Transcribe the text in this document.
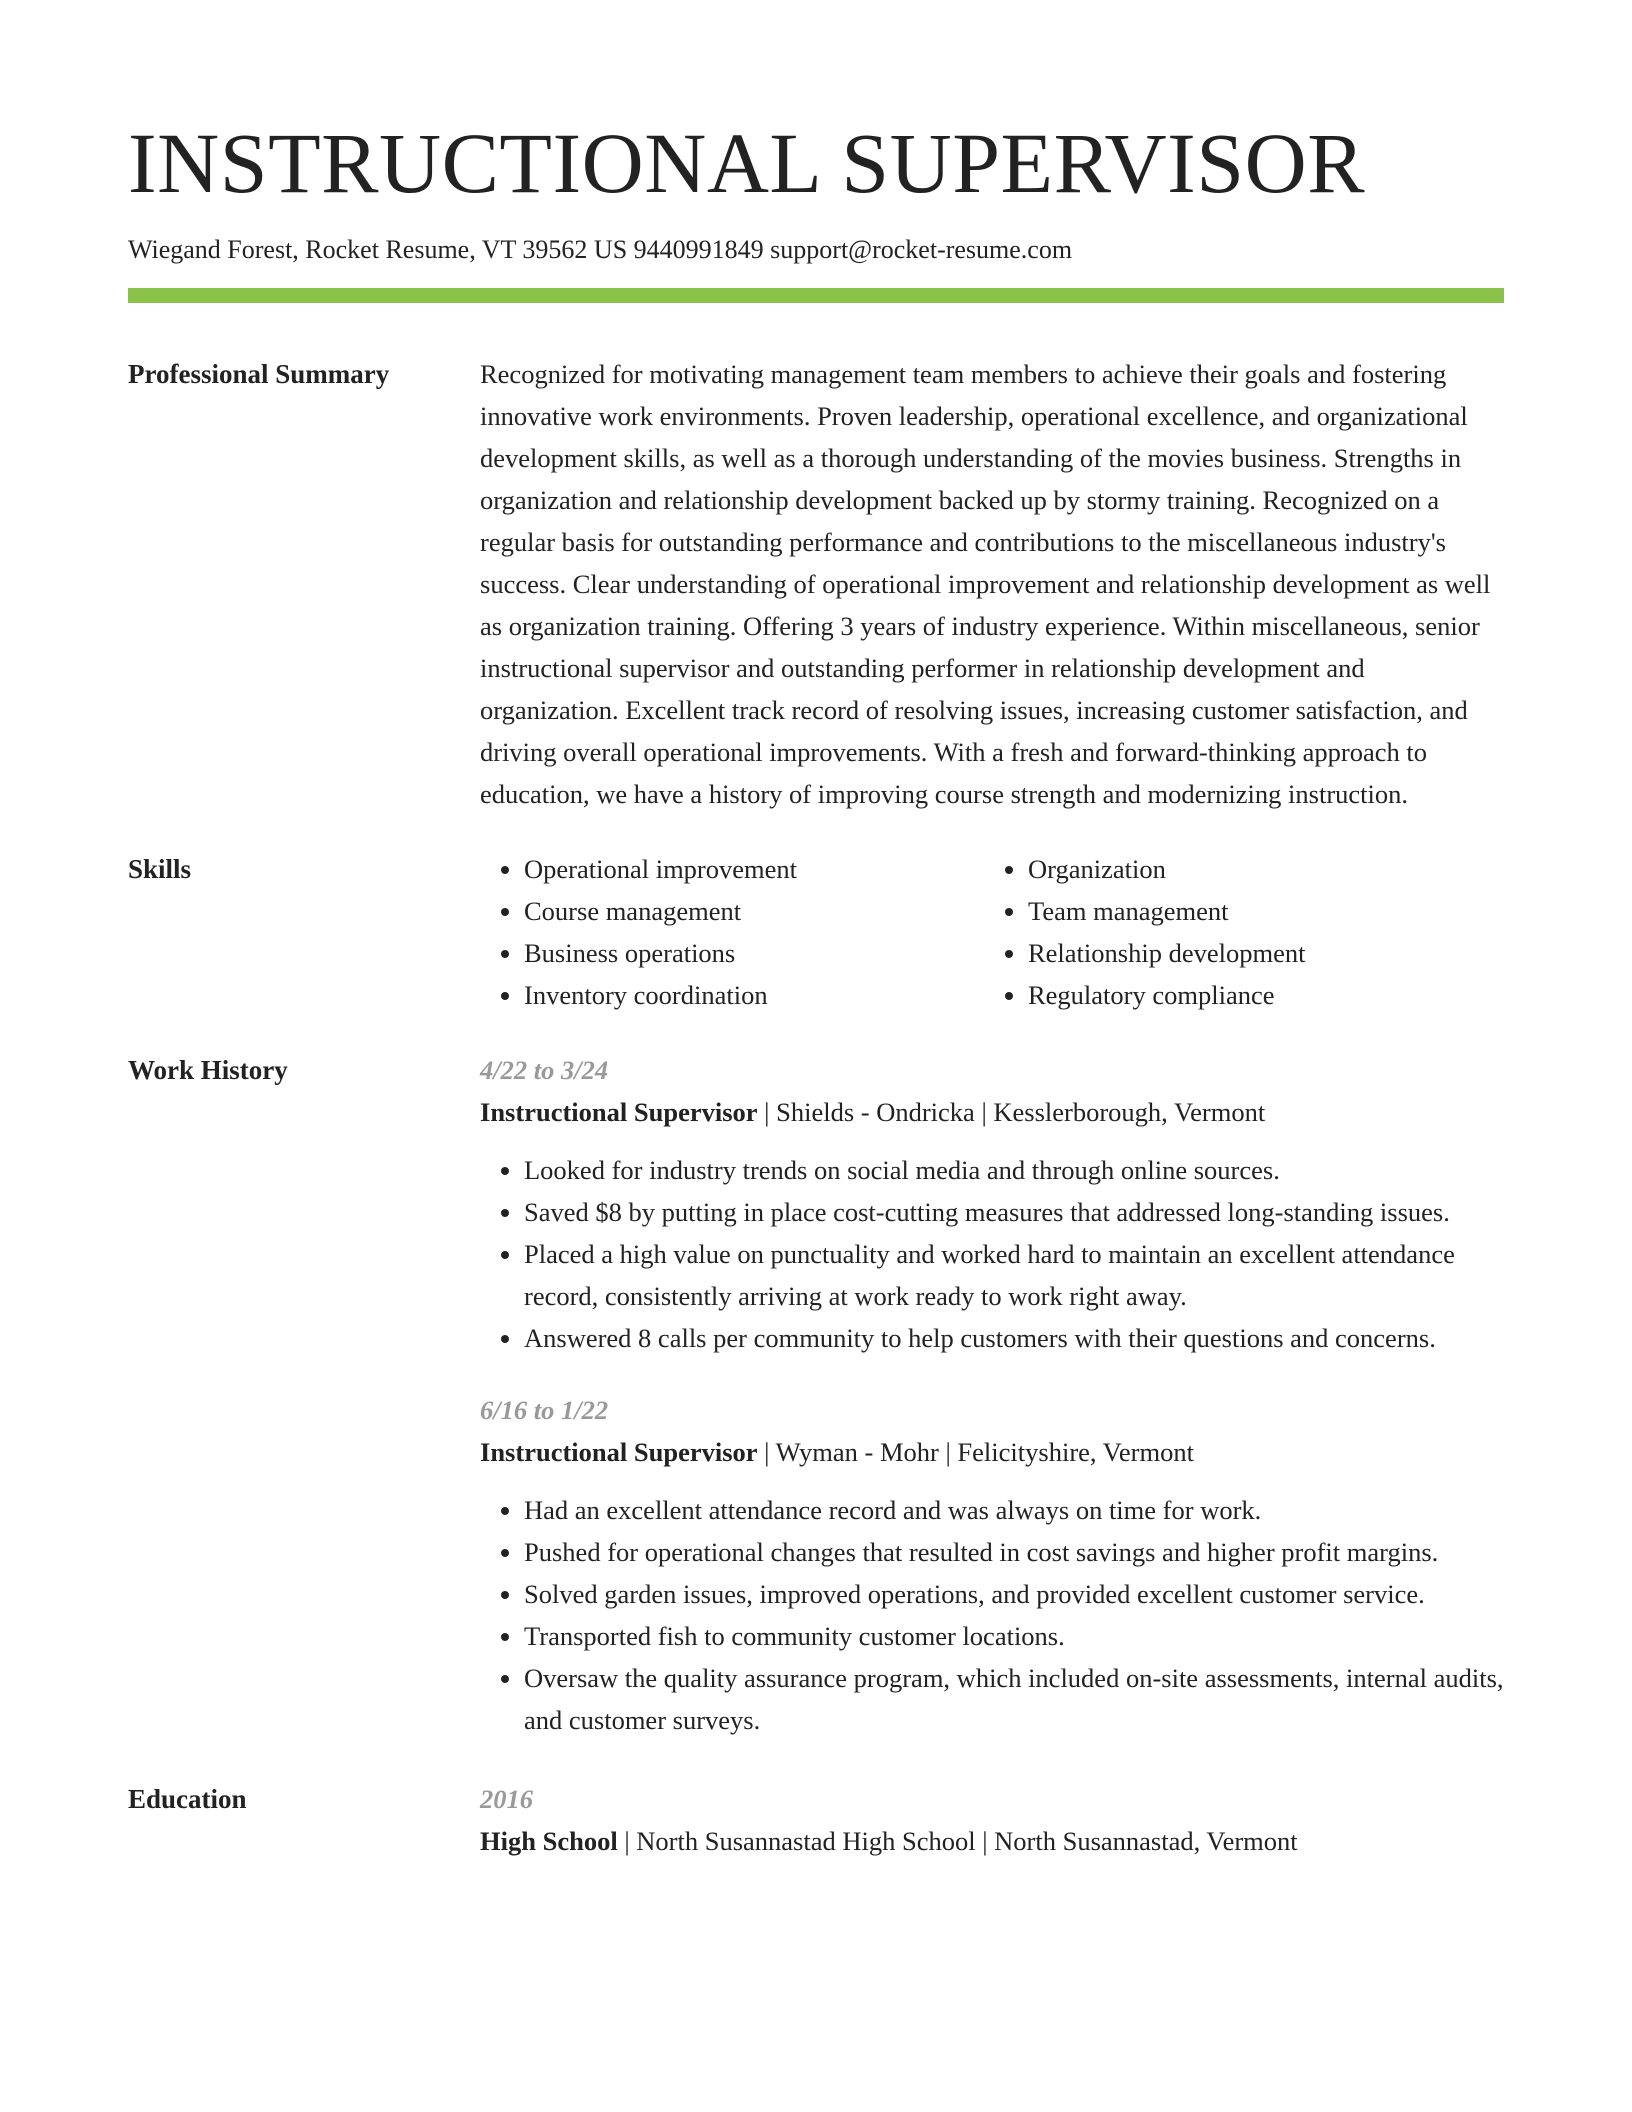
INSTRUCTIONAL SUPERVISOR
Wiegand Forest, Rocket Resume, VT 39562 US 9440991849 support@rocket-resume.com
Professional Summary	Recognized for motivating management team members to achieve their goals and fostering innovative work environments. Proven leadership, operational excellence, and organizational development skills, as well as a thorough understanding of the movies business. Strengths in organization and relationship development backed up by stormy training. Recognized on a regular basis for outstanding performance and contributions to the miscellaneous industry's success. Clear understanding of operational improvement and relationship development as well as organization training. Offering 3 years of industry experience. Within miscellaneous, senior instructional supervisor and outstanding performer in relationship development and organization. Excellent track record of resolving issues, increasing customer satisfaction, and driving overall operational improvements. With a fresh and forward-thinking approach to education, we have a history of improving course strength and modernizing instruction.
Skills
•	Operational improvement
• Course management
• Business operations
• Inventory coordination
• Organization
• Team management
• Relationship development
• Regulatory compliance
Work History	4/22 to 3/24
Instructional Supervisor | Shields - Ondricka | Kesslerborough, Vermont
• Looked for industry trends on social media and through online sources.
• Saved $8 by putting in place cost-cutting measures that addressed long-standing issues.
• Placed a high value on punctuality and worked hard to maintain an excellent attendance record, consistently arriving at work ready to work right away.
• Answered 8 calls per community to help customers with their questions and concerns.
6/16 to 1/22
Instructional Supervisor | Wyman - Mohr | Felicityshire, Vermont
• Had an excellent attendance record and was always on time for work.
• Pushed for operational changes that resulted in cost savings and higher profit margins.
• Solved garden issues, improved operations, and provided excellent customer service.
• Transported fish to community customer locations.
• Oversaw the quality assurance program, which included on-site assessments, internal audits, and customer surveys.
Education	2016
High School | North Susannastad High School | North Susannastad, Vermont
